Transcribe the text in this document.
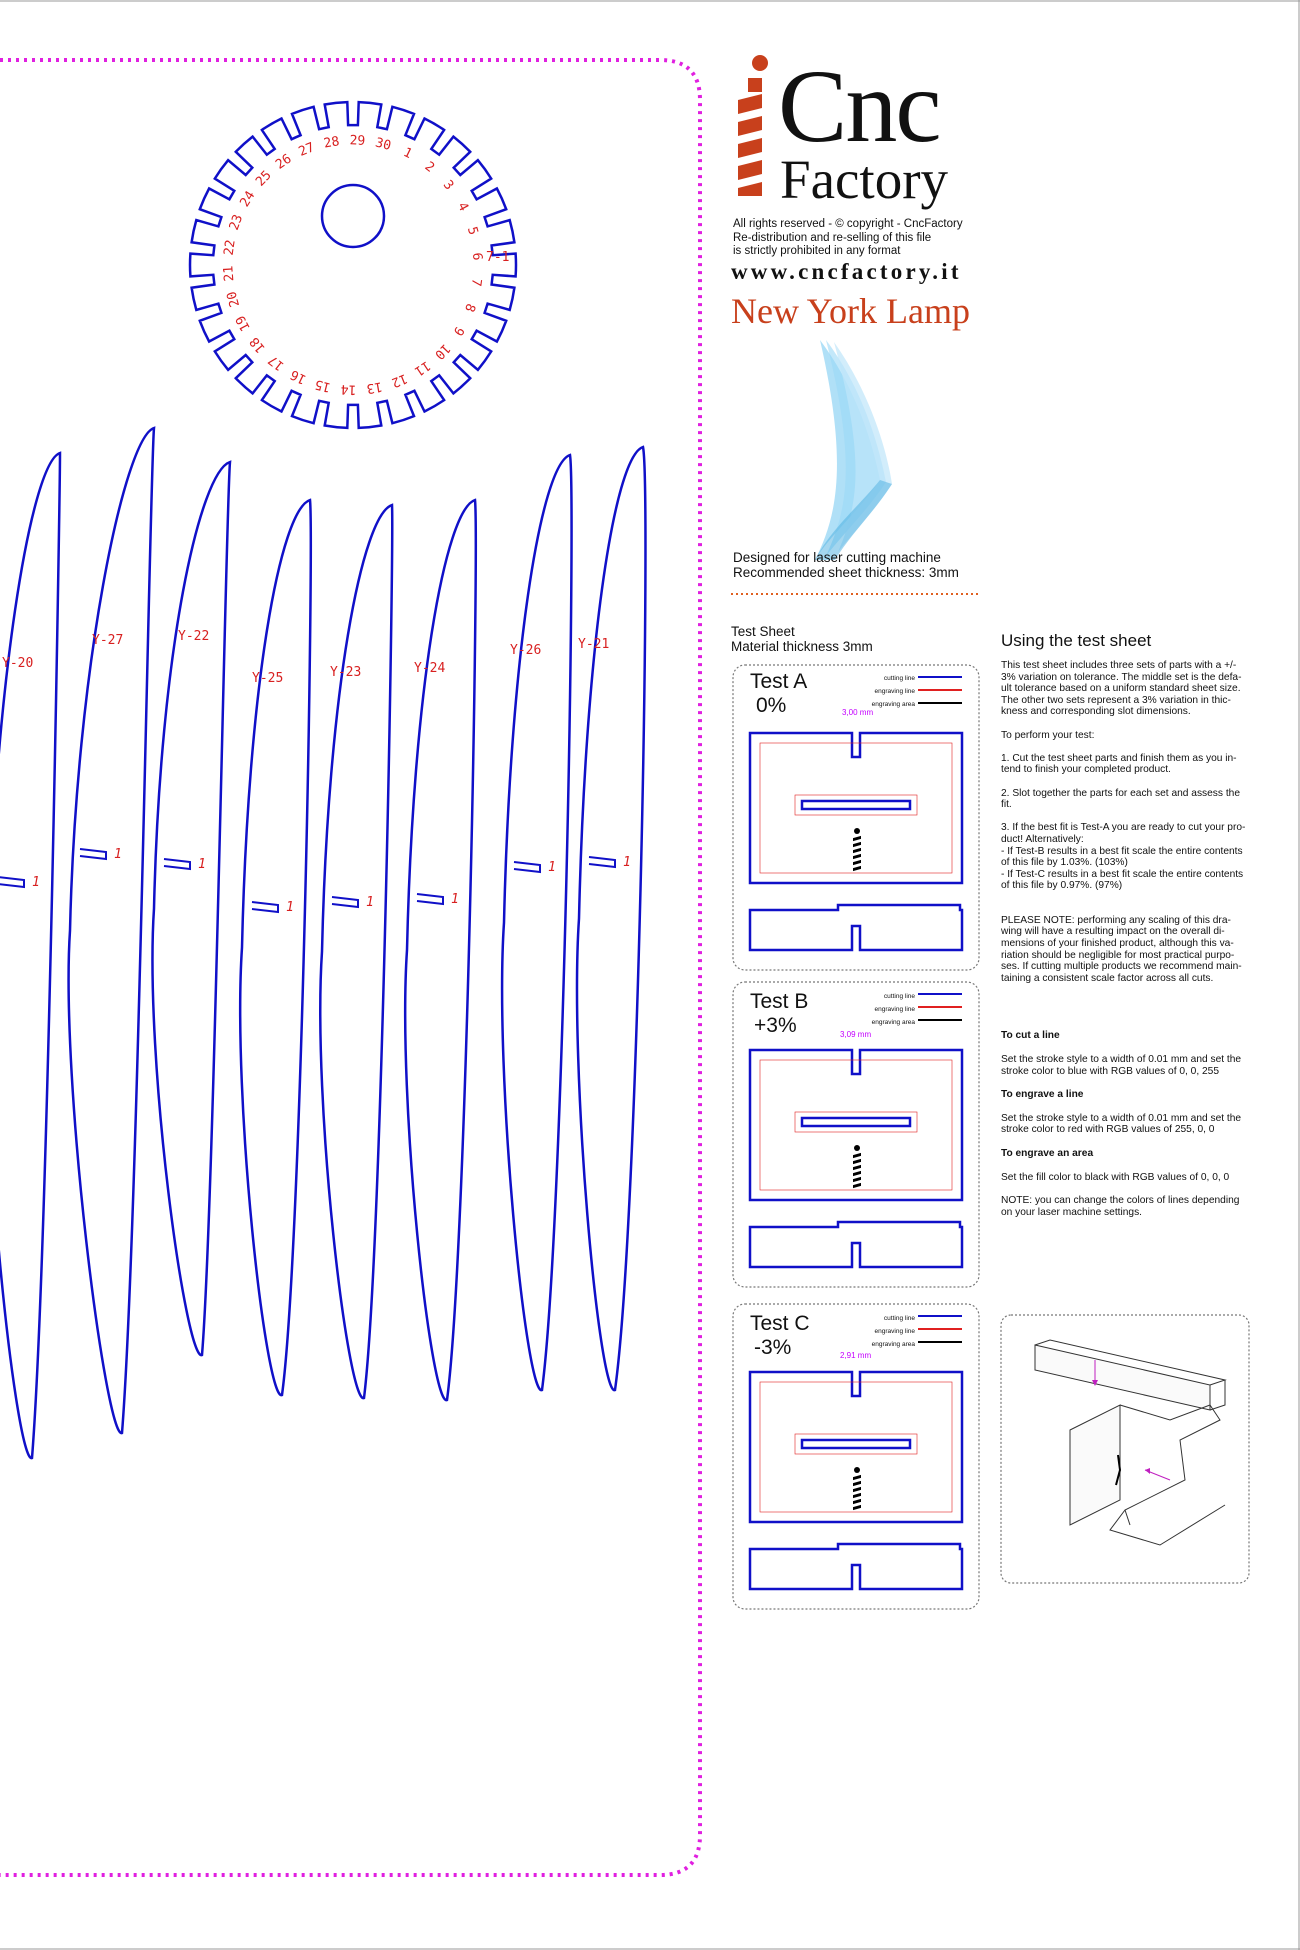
1
2
3
4
5
6
7
8
9
10
11
12
13
14
15
16
17
18
19
20
21
22
23
24
25
26
27 28 29 30
7-1
Y-20
1
Y-27
1
Y-22
1
Y-25
1
Y-23
1
Y-24
1
Y-26
1
Y-21
1
Cnc
Factory
All rights reserved - © copyright - CncFactory
Re-distribution and re-selling of this file
is strictly prohibited in any format
www.cncfactory.it
New York Lamp
Designed for laser cutting machine
Recommended sheet thickness: 3mm
Test Sheet
Material thickness 3mm
Test A
0%	3,00 mm
cutting line
engraving line
engraving area
Test B
+3%	3,09 mm
cutting line
engraving line
engraving area
Test C
-3%	2,91 mm
cutting line
engraving line
engraving area
Using the test sheet

This test sheet includes three sets of parts with a +/-
3% variation on tolerance. The middle set is the defa-
ult tolerance based on a uniform standard sheet size.
The other two sets represent a 3% variation in thic-
kness and corresponding slot dimensions.

To perform your test:

1. Cut the test sheet parts and finish them as you in-
tend to finish your completed product.

2. Slot together the parts for each set and assess the
fit.

3. If the best fit is Test-A you are ready to cut your pro-
duct! Alternatively:
- If Test-B results in a best fit scale the entire contents
of this file by 1.03%. (103%)
- If Test-C results in a best fit scale the entire contents
of this file by 0.97%. (97%)

PLEASE NOTE: performing any scaling of this dra-
wing will have a resulting impact on the overall di-
mensions of your finished product, although this va-
riation should be negligible for most practical purpo-
ses. If cutting multiple products we recommend main-
taining a consistent scale factor across all cuts.

To cut a line

Set the stroke style to a width of 0.01 mm and set the
stroke color to blue with RGB values of 0, 0, 255

To engrave a line

Set the stroke style to a width of 0.01 mm and set the
stroke color to red with RGB values of 255, 0, 0

To engrave an area

Set the fill color to black with RGB values of 0, 0, 0

NOTE: you can change the colors of lines depending
on your laser machine settings.
